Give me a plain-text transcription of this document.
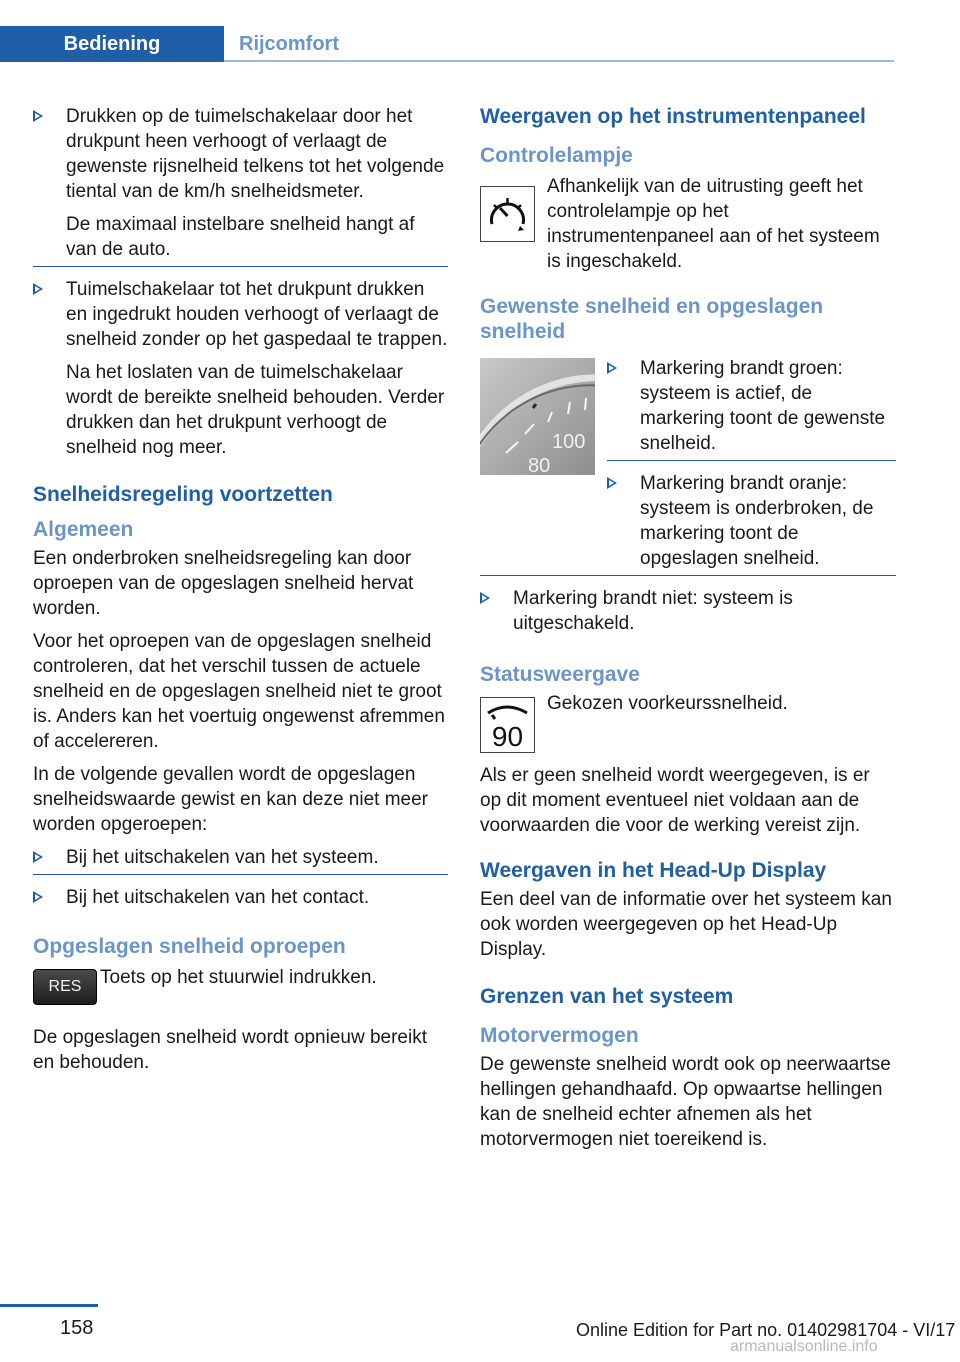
Bediening	Rijcomfort
Drukken op de tuimelschakelaar door het drukpunt heen verhoogt of verlaagt de gewenste rijsnelheid telkens tot het volgende tiental van de km/h snelheidsmeter.
De maximaal instelbare snelheid hangt af van de auto.
Tuimelschakelaar tot het drukpunt drukken en ingedrukt houden verhoogt of verlaagt de snelheid zonder op het gaspedaal te trappen.
Na het loslaten van de tuimelschakelaar wordt de bereikte snelheid behouden. Verder drukken dan het drukpunt verhoogt de snelheid nog meer.
Snelheidsregeling voortzetten
Algemeen

Een onderbroken snelheidsregeling kan door oproepen van de opgeslagen snelheid hervat worden.

Voor het oproepen van de opgeslagen snelheid controleren, dat het verschil tussen de actuele snelheid en de opgeslagen snelheid niet te groot is. Anders kan het voertuig ongewenst afremmen of accelereren.

In de volgende gevallen wordt de opgeslagen snelheidswaarde gewist en kan deze niet meer worden opgeroepen:

Bij het uitschakelen van het systeem.
Bij het uitschakelen van het contact.
Opgeslagen snelheid oproepen
RES Toets op het stuurwiel indrukken.

De opgeslagen snelheid wordt opnieuw bereikt en behouden.

Weergaven op het instrumentenpaneel
Controlelampje
Afhankelijk van de uitrusting geeft het controlelampje op het instrumentenpaneel aan of het systeem is ingeschakeld.
Gewenste snelheid en opgeslagen snelheid
100
80
Markering brandt groen: systeem is actief, de markering toont de gewenste snelheid.
Markering brandt oranje: systeem is onderbroken, de markering toont de opgeslagen snelheid.
Markering brandt niet: systeem is uitgeschakeld.
Statusweergave
90
Gekozen voorkeurssnelheid.

Als er geen snelheid wordt weergegeven, is er op dit moment eventueel niet voldaan aan de voorwaarden die voor de werking vereist zijn.

Weergaven in het Head-Up Display

Een deel van de informatie over het systeem kan ook worden weergegeven op het Head-Up Display.

Grenzen van het systeem
Motorvermogen

De gewenste snelheid wordt ook op neerwaartse hellingen gehandhaafd. Op opwaartse hellingen kan de snelheid echter afnemen als het motorvermogen niet toereikend is.

158	Online Edition for Part no. 01402981704 - VI/17
armanualsonline.info
